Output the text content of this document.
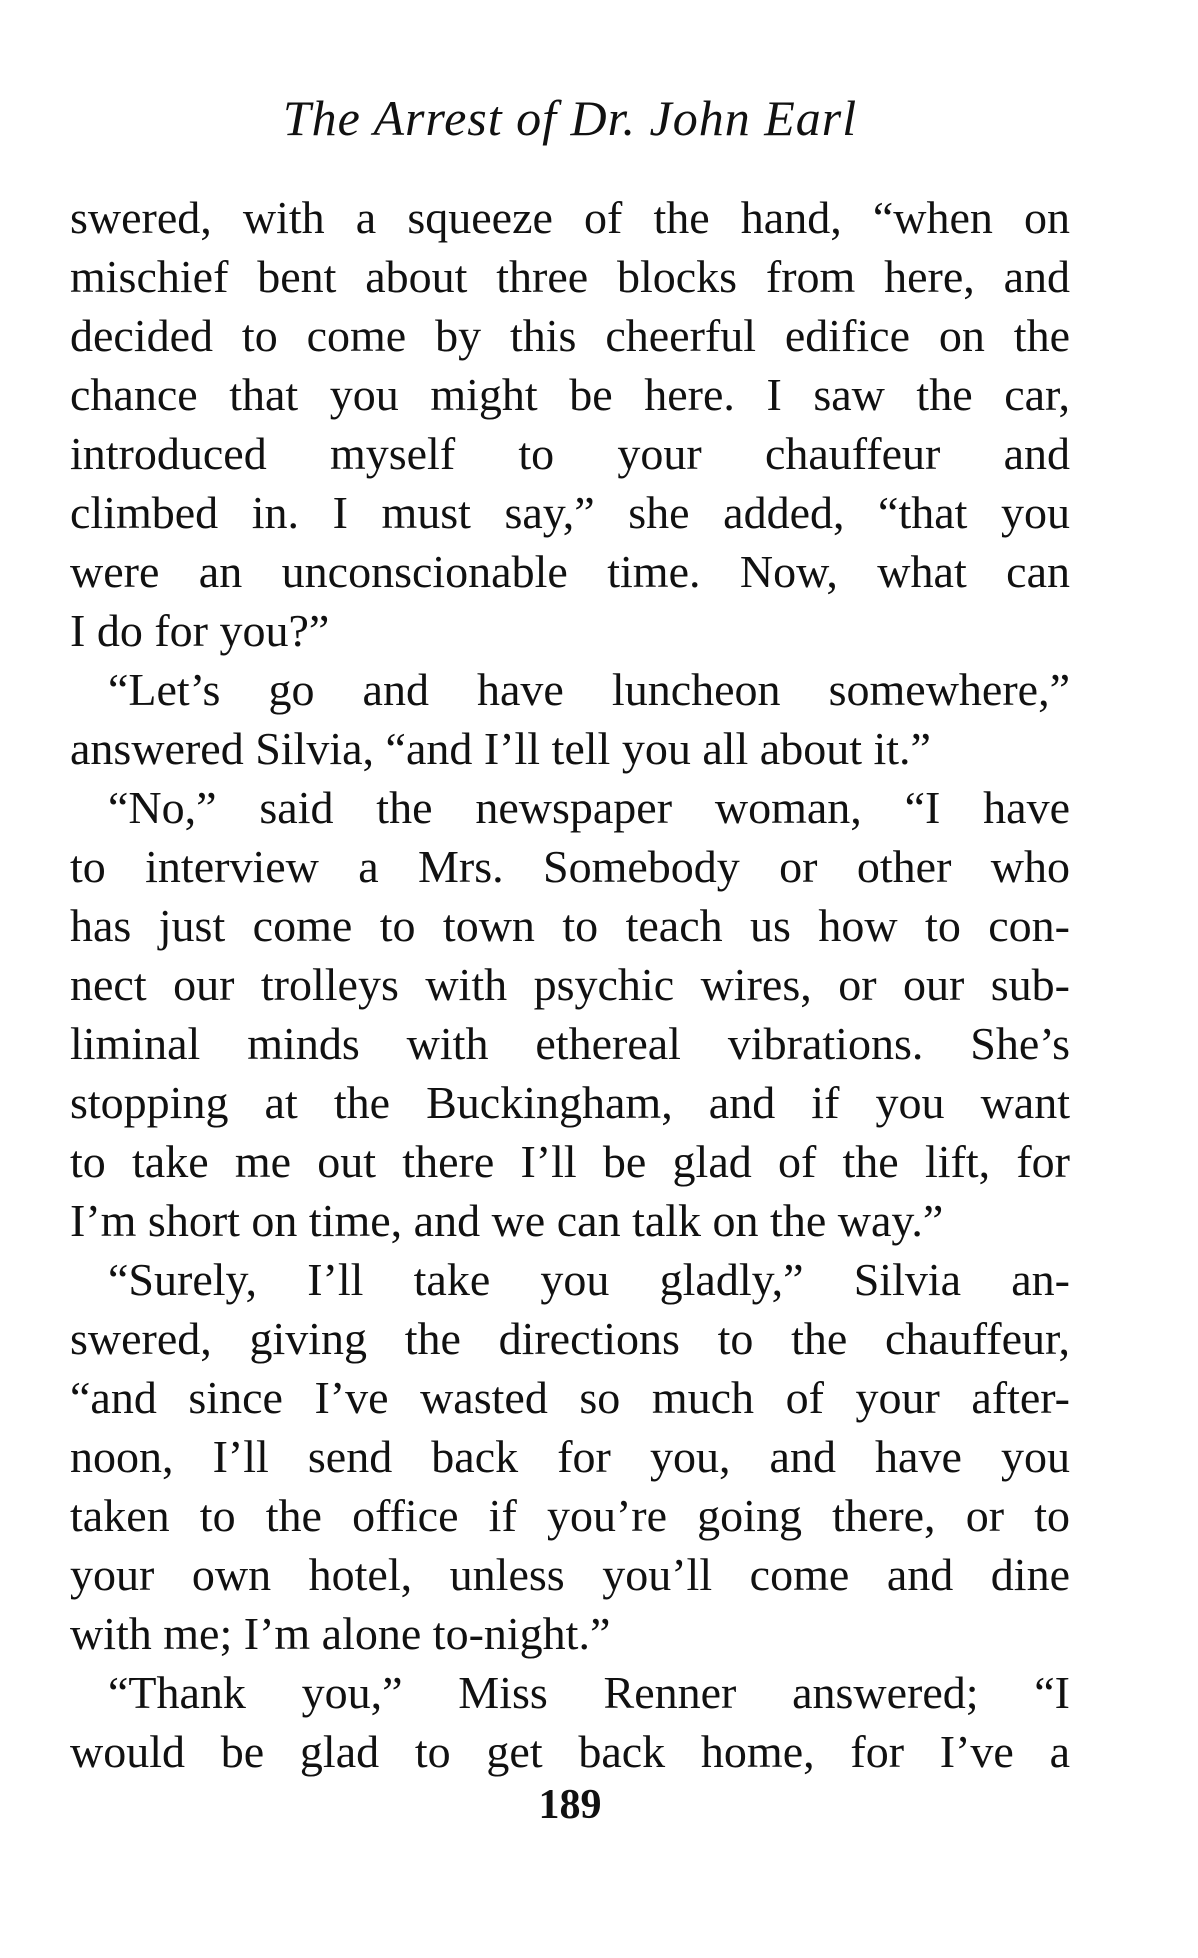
The Arrest of Dr. John Earl
swered, with a squeeze of the hand, “when on
mischief bent about three blocks from here, and
decided to come by this cheerful edifice on the
chance that you might be here. I saw the car,
introduced myself to your chauffeur and
climbed in. I must say,” she added, “that you
were an unconscionable time. Now, what can
I do for you?”
“Let’s go and have luncheon somewhere,”
answered Silvia, “and I’ll tell you all about it.”
“No,” said the newspaper woman, “I have
to interview a Mrs. Somebody or other who
has just come to town to teach us how to con-
nect our trolleys with psychic wires, or our sub-
liminal minds with ethereal vibrations. She’s
stopping at the Buckingham, and if you want
to take me out there I’ll be glad of the lift, for
I’m short on time, and we can talk on the way.”
“Surely, I’ll take you gladly,” Silvia an-
swered, giving the directions to the chauffeur,
“and since I’ve wasted so much of your after-
noon, I’ll send back for you, and have you
taken to the office if you’re going there, or to
your own hotel, unless you’ll come and dine
with me; I’m alone to-night.”
“Thank you,” Miss Renner answered; “I
would be glad to get back home, for I’ve a
189
